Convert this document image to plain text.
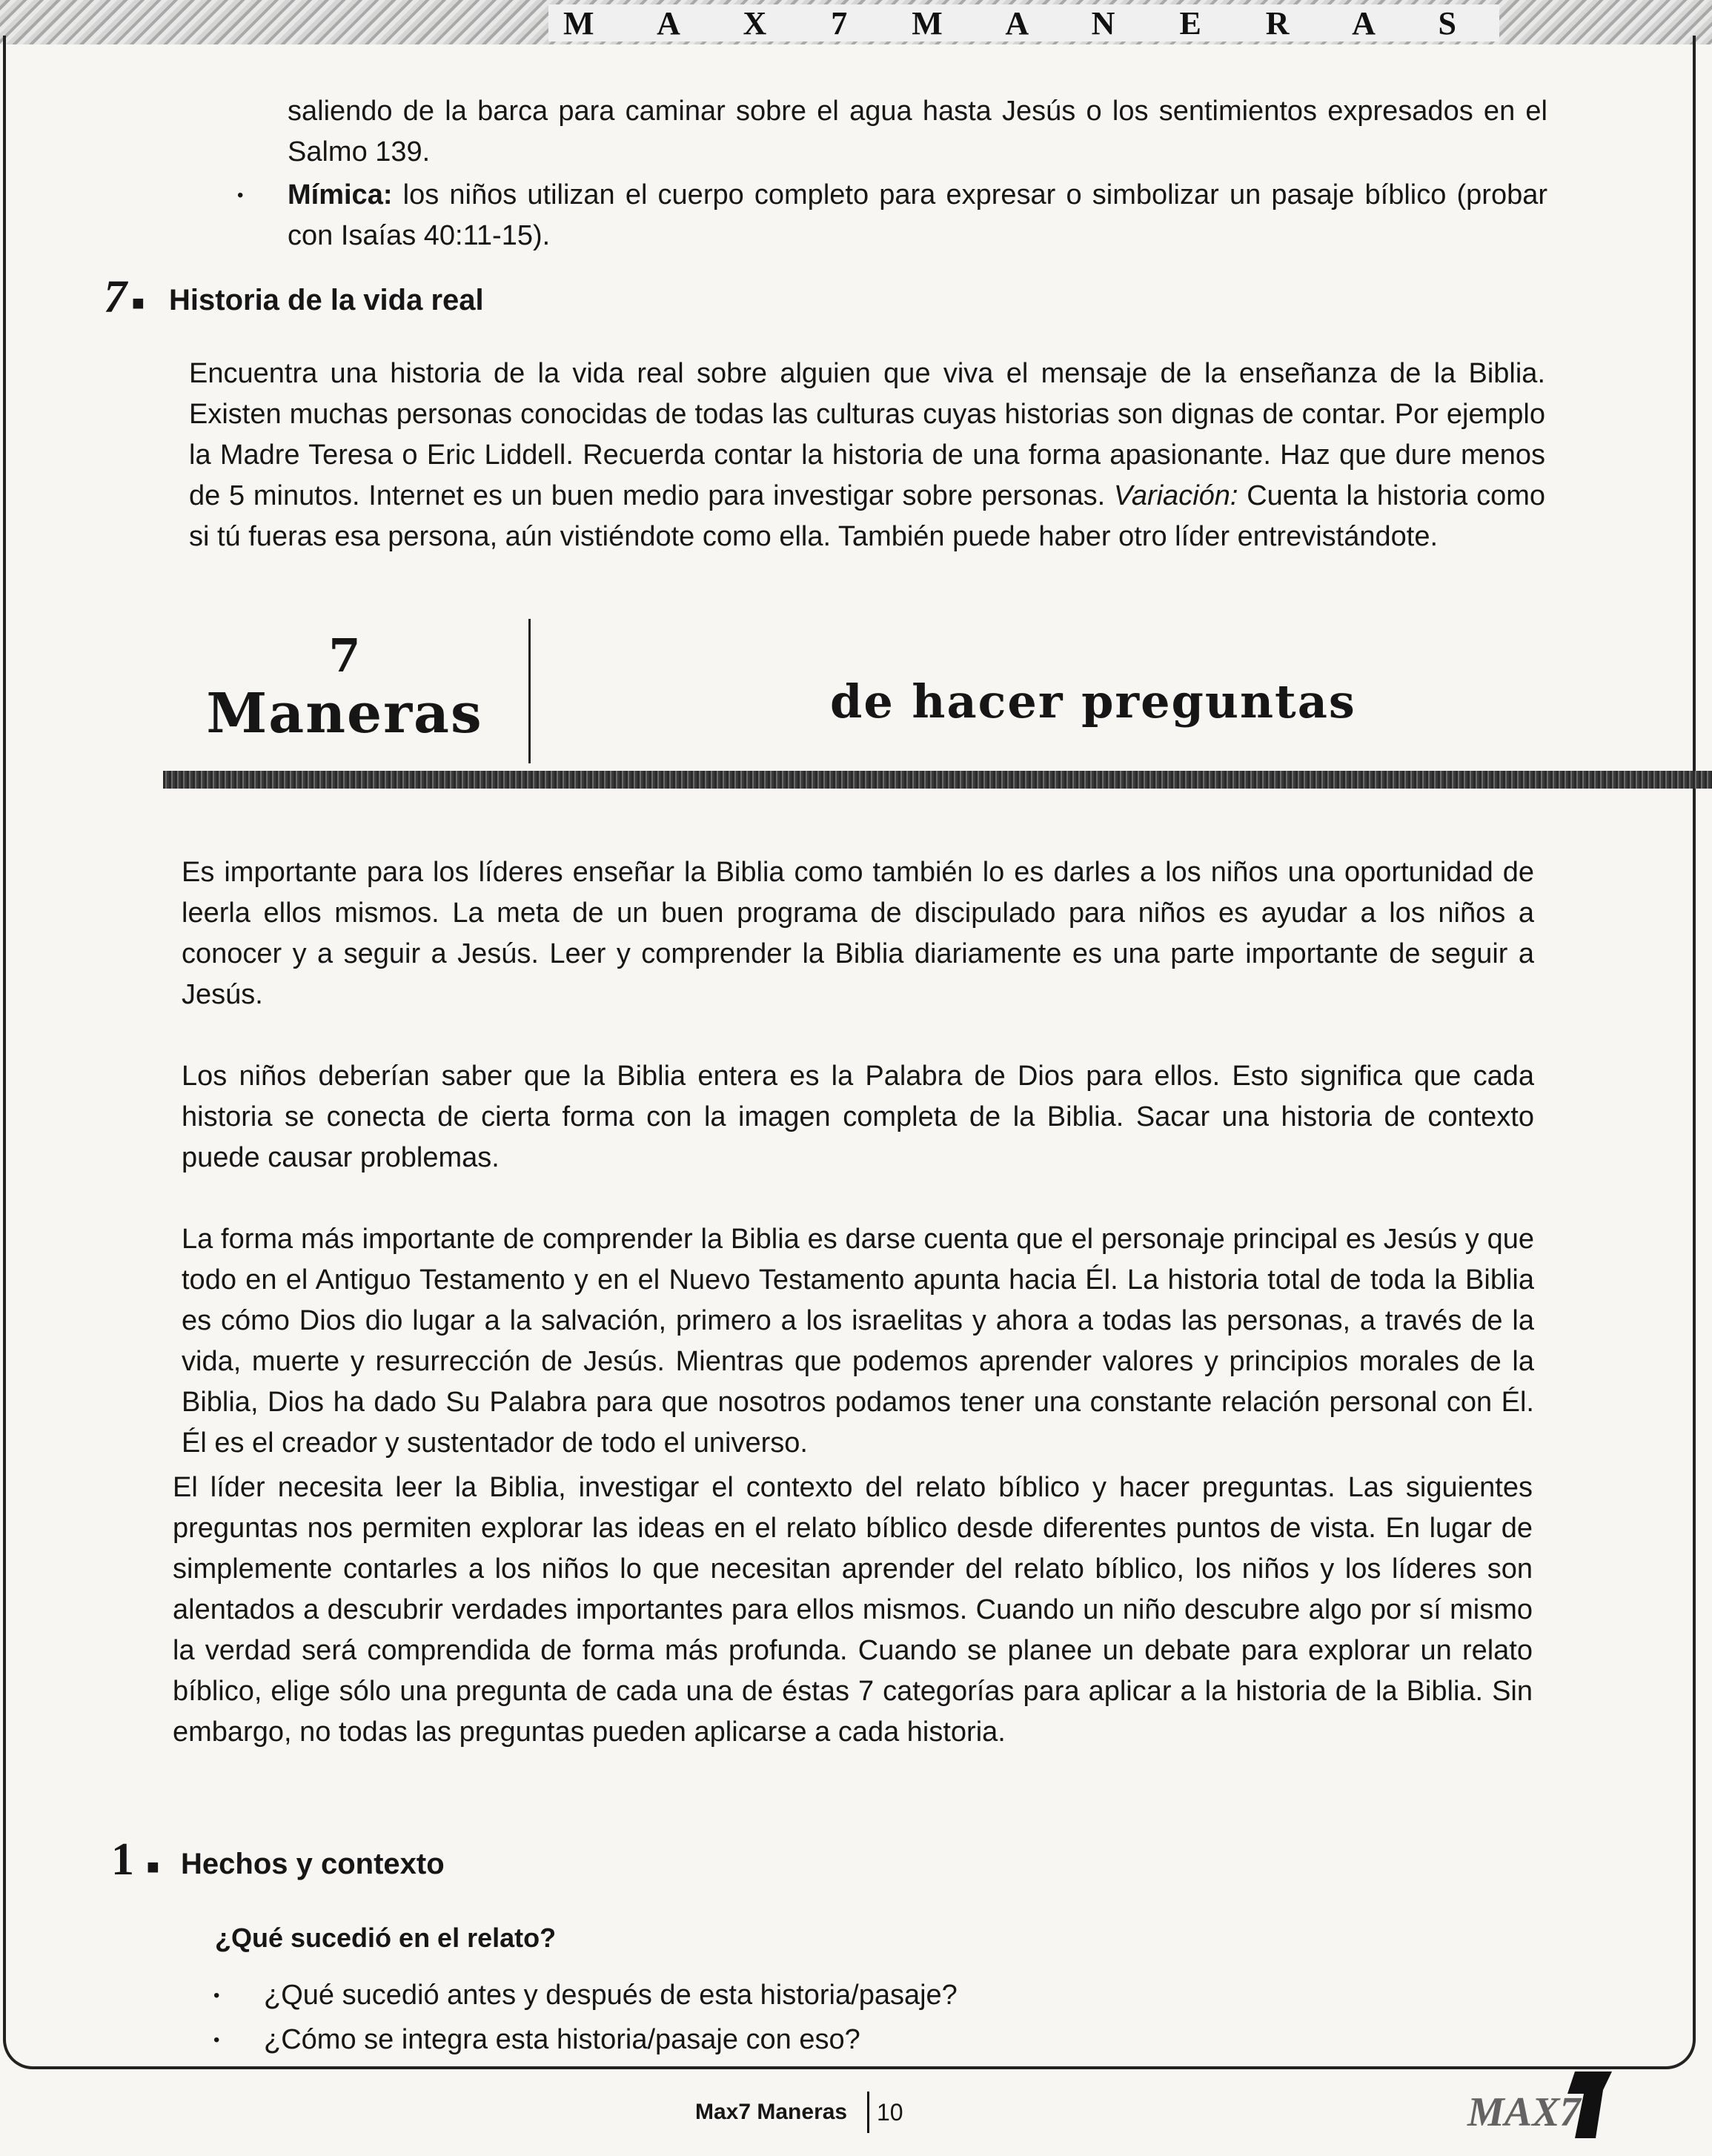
M A X 7 M A N E R A S
saliendo de la barca para caminar sobre el agua hasta Jesús o los sentimientos expresados en el Salmo 139.
• Mímica: los niños utilizan el cuerpo completo para expresar o simbolizar un pasaje bíblico (probar con Isaías 40:11-15).
7 ■ Historia de la vida real
Encuentra una historia de la vida real sobre alguien que viva el mensaje de la enseñanza de la Biblia. Existen muchas personas conocidas de todas las culturas cuyas historias son dignas de contar. Por ejemplo la Madre Teresa o Eric Liddell. Recuerda contar la historia de una forma apasionante. Haz que dure menos de 5 minutos. Internet es un buen medio para investigar sobre personas. Variación: Cuenta la historia como si tú fueras esa persona, aún vistiéndote como ella. También puede haber otro líder entrevistándote.
7
Maneras	de hacer preguntas

Es importante para los líderes enseñar la Biblia como también lo es darles a los niños una oportunidad de leerla ellos mismos. La meta de un buen programa de discipulado para niños es ayudar a los niños a conocer y a seguir a Jesús. Leer y comprender la Biblia diariamente es una parte importante de seguir a Jesús.

Los niños deberían saber que la Biblia entera es la Palabra de Dios para ellos. Esto significa que cada historia se conecta de cierta forma con la imagen completa de la Biblia. Sacar una historia de contexto puede causar problemas.

La forma más importante de comprender la Biblia es darse cuenta que el personaje principal es Jesús y que todo en el Antiguo Testamento y en el Nuevo Testamento apunta hacia Él. La historia total de toda la Biblia es cómo Dios dio lugar a la salvación, primero a los israelitas y ahora a todas las personas, a través de la vida, muerte y resurrección de Jesús. Mientras que podemos aprender valores y principios morales de la Biblia, Dios ha dado Su Palabra para que nosotros podamos tener una constante relación personal con Él. Él es el creador y sustentador de todo el universo.

El líder necesita leer la Biblia, investigar el contexto del relato bíblico y hacer preguntas. Las siguientes preguntas nos permiten explorar las ideas en el relato bíblico desde diferentes puntos de vista. En lugar de simplemente contarles a los niños lo que necesitan aprender del relato bíblico, los niños y los líderes son alentados a descubrir verdades importantes para ellos mismos. Cuando un niño descubre algo por sí mismo la verdad será comprendida de forma más profunda. Cuando se planee un debate para explorar un relato bíblico, elige sólo una pregunta de cada una de éstas 7 categorías para aplicar a la historia de la Biblia. Sin embargo, no todas las preguntas pueden aplicarse a cada historia.

1 ■ Hechos y contexto
¿Qué sucedió en el relato?
• ¿Qué sucedió antes y después de esta historia/pasaje?
• ¿Cómo se integra esta historia/pasaje con eso?
Max7 Maneras 10	MAX7
